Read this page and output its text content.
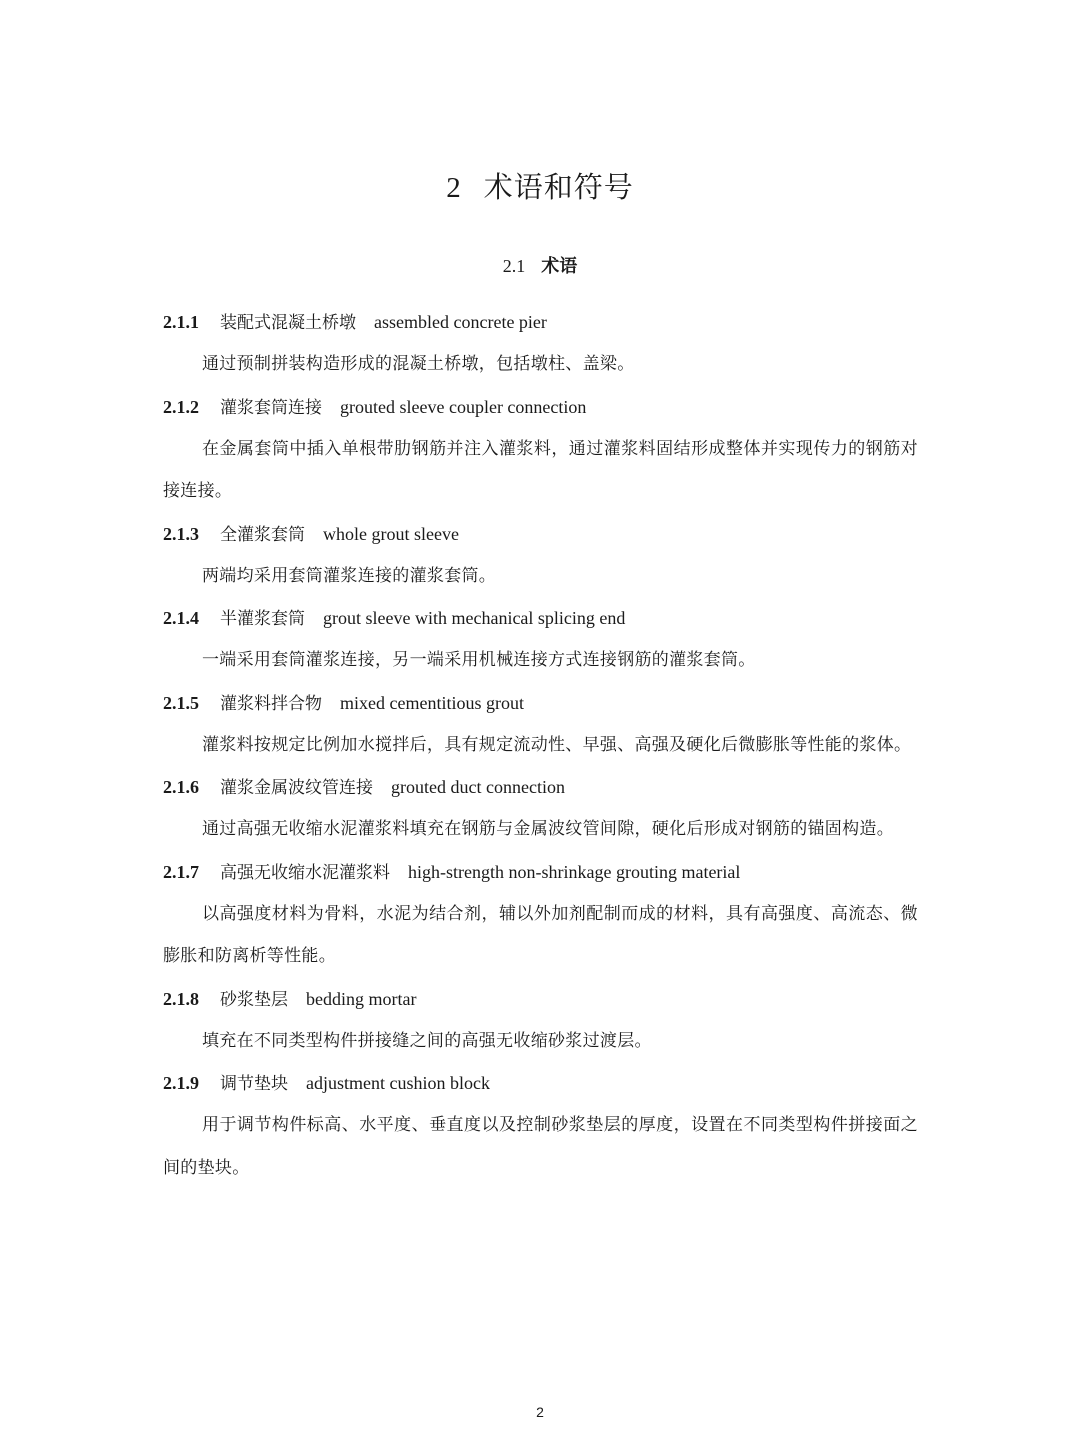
2 术语和符号
2.1 术语
2.1.1 装配式混凝土桥墩 assembled concrete pier
通过预制拼装构造形成的混凝土桥墩，包括墩柱、盖梁。
2.1.2 灌浆套筒连接 grouted sleeve coupler connection
在金属套筒中插入单根带肋钢筋并注入灌浆料，通过灌浆料固结形成整体并实现传力的钢筋对接连接。
2.1.3 全灌浆套筒 whole grout sleeve
两端均采用套筒灌浆连接的灌浆套筒。
2.1.4 半灌浆套筒 grout sleeve with mechanical splicing end
一端采用套筒灌浆连接，另一端采用机械连接方式连接钢筋的灌浆套筒。
2.1.5 灌浆料拌合物 mixed cementitious grout
灌浆料按规定比例加水搅拌后，具有规定流动性、早强、高强及硬化后微膨胀等性能的浆体。
2.1.6 灌浆金属波纹管连接 grouted duct connection
通过高强无收缩水泥灌浆料填充在钢筋与金属波纹管间隙，硬化后形成对钢筋的锚固构造。
2.1.7 高强无收缩水泥灌浆料 high-strength non-shrinkage grouting material
以高强度材料为骨料，水泥为结合剂，辅以外加剂配制而成的材料，具有高强度、高流态、微膨胀和防离析等性能。
2.1.8 砂浆垫层 bedding mortar
填充在不同类型构件拼接缝之间的高强无收缩砂浆过渡层。
2.1.9 调节垫块 adjustment cushion block
用于调节构件标高、水平度、垂直度以及控制砂浆垫层的厚度，设置在不同类型构件拼接面之间的垫块。
2
